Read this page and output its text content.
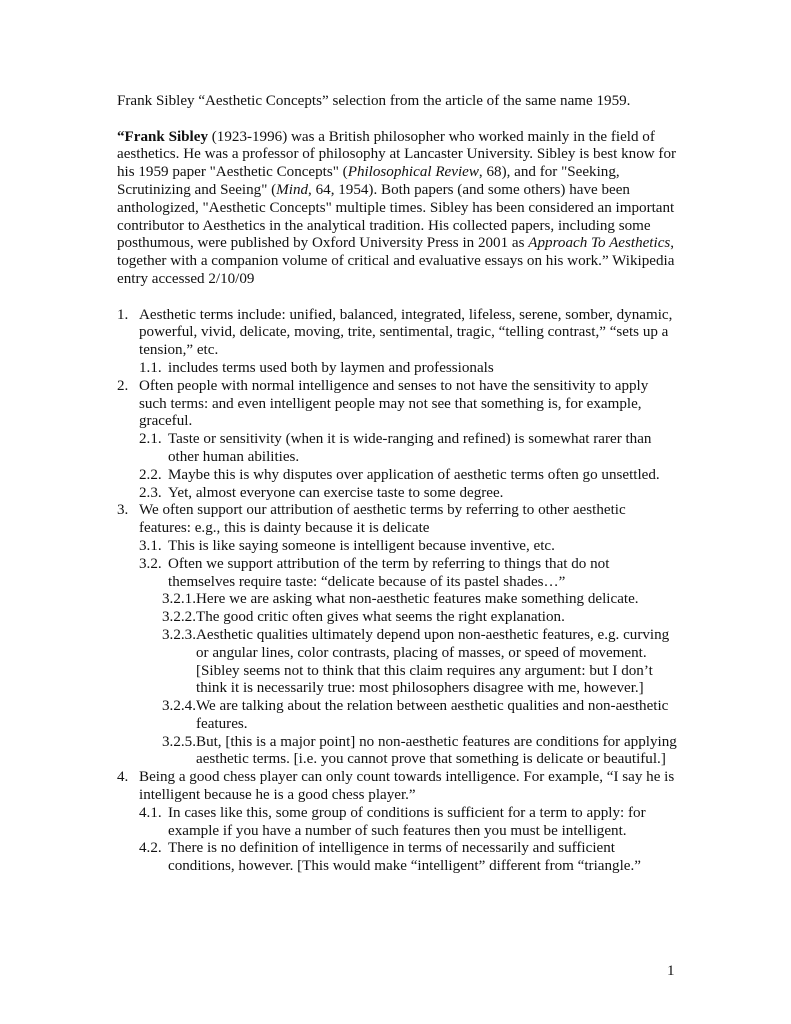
Frank Sibley “Aesthetic Concepts” selection from the article of the same name 1959.

“Frank Sibley (1923-1996) was a British philosopher who worked mainly in the field of aesthetics. He was a professor of philosophy at Lancaster University. Sibley is best know for his 1959 paper "Aesthetic Concepts" (Philosophical Review, 68), and for "Seeking, Scrutinizing and Seeing" (Mind, 64, 1954). Both papers (and some others) have been anthologized, "Aesthetic Concepts" multiple times. Sibley has been considered an important contributor to Aesthetics in the analytical tradition. His collected papers, including some posthumous, were published by Oxford University Press in 2001 as Approach To Aesthetics, together with a companion volume of critical and evaluative essays on his work.” Wikipedia entry accessed 2/10/09

1. Aesthetic terms include: unified, balanced, integrated, lifeless, serene, somber, dynamic, powerful, vivid, delicate, moving, trite, sentimental, tragic, “telling contrast,” “sets up a tension,” etc.
1.1. includes terms used both by laymen and professionals
2. Often people with normal intelligence and senses to not have the sensitivity to apply such terms: and even intelligent people may not see that something is, for example, graceful.
2.1. Taste or sensitivity (when it is wide-ranging and refined) is somewhat rarer than other human abilities.
2.2. Maybe this is why disputes over application of aesthetic terms often go unsettled.
2.3. Yet, almost everyone can exercise taste to some degree.
3. We often support our attribution of aesthetic terms by referring to other aesthetic features: e.g., this is dainty because it is delicate
3.1. This is like saying someone is intelligent because inventive, etc.
3.2. Often we support attribution of the term by referring to things that do not themselves require taste: “delicate because of its pastel shades…”
3.2.1. Here we are asking what non-aesthetic features make something delicate.
3.2.2. The good critic often gives what seems the right explanation.
3.2.3. Aesthetic qualities ultimately depend upon non-aesthetic features, e.g. curving or angular lines, color contrasts, placing of masses, or speed of movement. [Sibley seems not to think that this claim requires any argument: but I don’t think it is necessarily true: most philosophers disagree with me, however.]
3.2.4. We are talking about the relation between aesthetic qualities and non-aesthetic features.
3.2.5. But, [this is a major point] no non-aesthetic features are conditions for applying aesthetic terms. [i.e. you cannot prove that something is delicate or beautiful.]
4. Being a good chess player can only count towards intelligence. For example, “I say he is intelligent because he is a good chess player.”
4.1. In cases like this, some group of conditions is sufficient for a term to apply: for example if you have a number of such features then you must be intelligent.
4.2. There is no definition of intelligence in terms of necessarily and sufficient conditions, however. [This would make “intelligent” different from “triangle.”
1
